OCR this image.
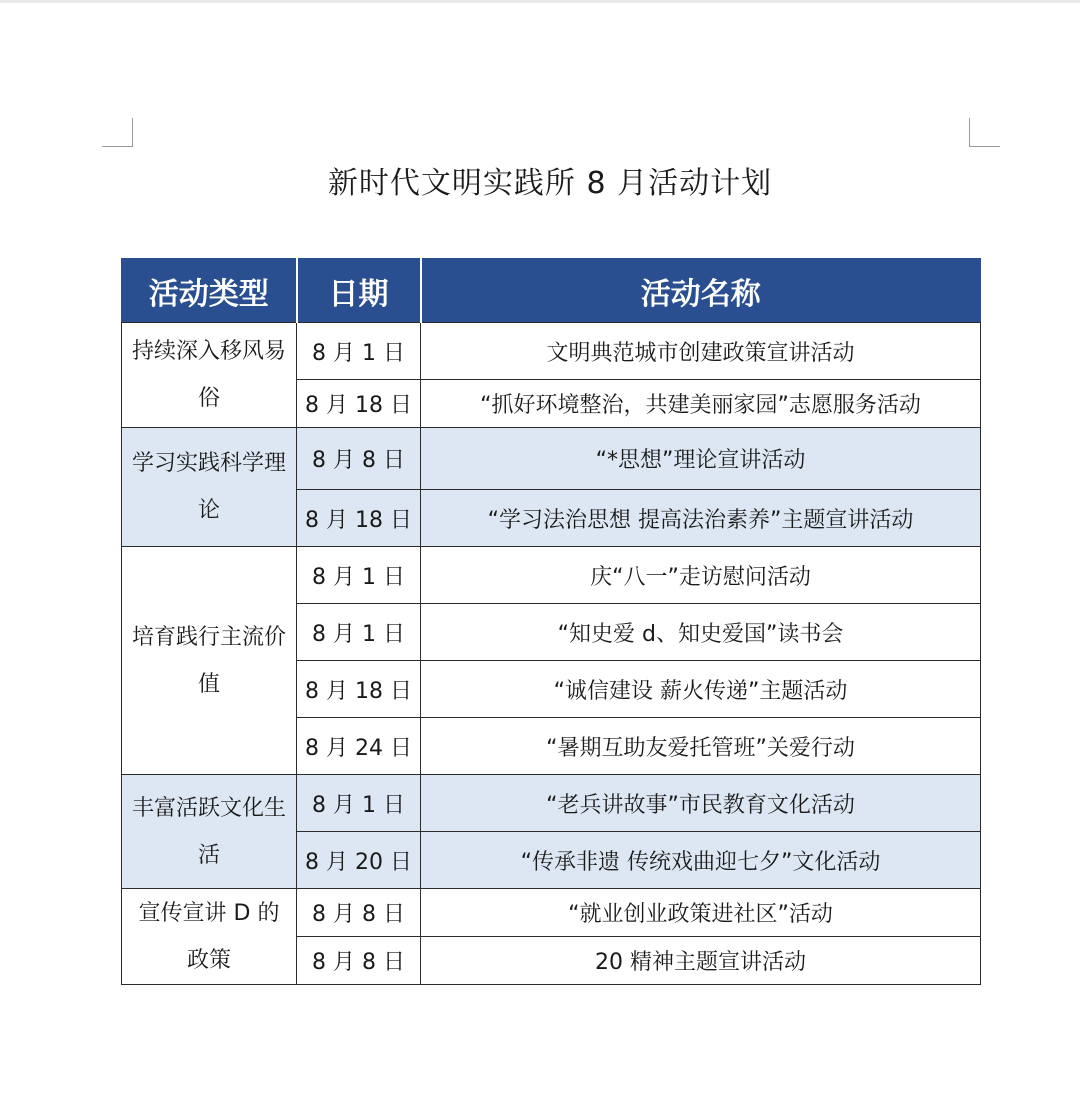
新时代文明实践所 8 月活动计划
活动类型	日期	活动名称
持续深入移风易俗	8 月 1 日	文明典范城市创建政策宣讲活动
	8 月 18 日	“抓好环境整治，共建美丽家园”志愿服务活动
学习实践科学理论	8 月 8 日	“*思想”理论宣讲活动
	8 月 18 日	“学习法治思想 提高法治素养”主题宣讲活动
培育践行主流价值	8 月 1 日	庆“八一”走访慰问活动
	8 月 1 日	“知史爱 d、知史爱国”读书会
	8 月 18 日	“诚信建设 薪火传递”主题活动
	8 月 24 日	“暑期互助友爱托管班”关爱行动
丰富活跃文化生活	8 月 1 日	“老兵讲故事”市民教育文化活动
	8 月 20 日	“传承非遗 传统戏曲迎七夕”文化活动
宣传宣讲 D 的政策	8 月 8 日	“就业创业政策进社区”活动
	8 月 8 日	20 精神主题宣讲活动
